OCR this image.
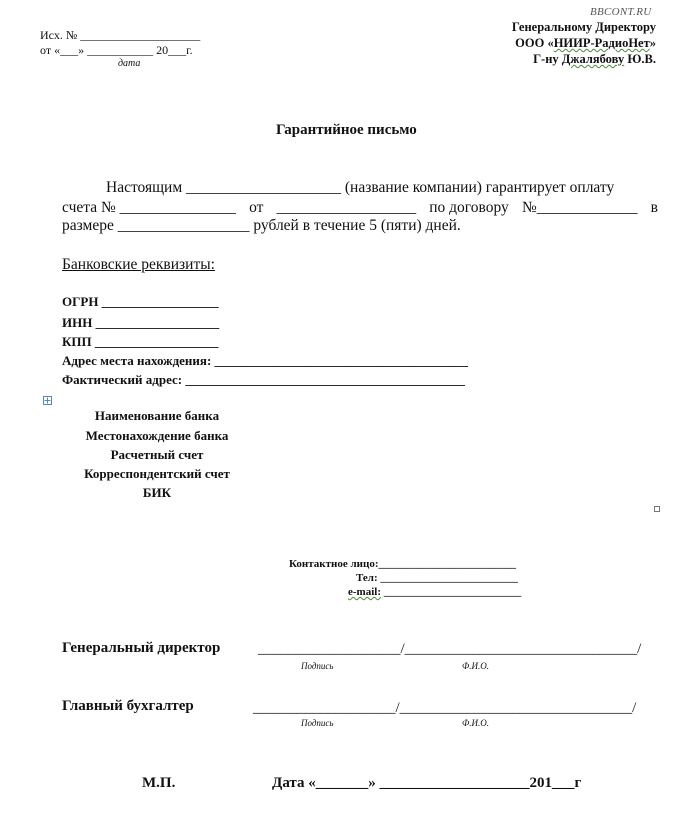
BBCONT.RU
Исх. № ____________________
от «___» ___________ 20___г.
дата
Генеральному Директору
ООО «НИИР-РадиоНет»
Г-ну Джалябову Ю.В.
Гарантийное письмо
Настоящим ____________________ (название компании) гарантирует оплату
счета № _______________ от __________________ по договору №_____________ в
размере _________________ рублей в течение 5 (пяти) дней.
Банковские реквизиты:
ОГРН __________________
ИНН ___________________
КПП ___________________
Адрес места нахождения: _______________________________________
Фактический адрес: ___________________________________________
Наименование банка
Местонахождение банка
Расчетный счет
Корреспондентский счет
БИК
Контактное лицо:_________________________
Тел: _________________________
e-mail: _________________________
Генеральный директор	___________________/_______________________________/
Подпись	Ф.И.О.
Главный бухгалтер	___________________/_______________________________/
Подпись	Ф.И.О.
М.П.	Дата «_______» ____________________201___г
